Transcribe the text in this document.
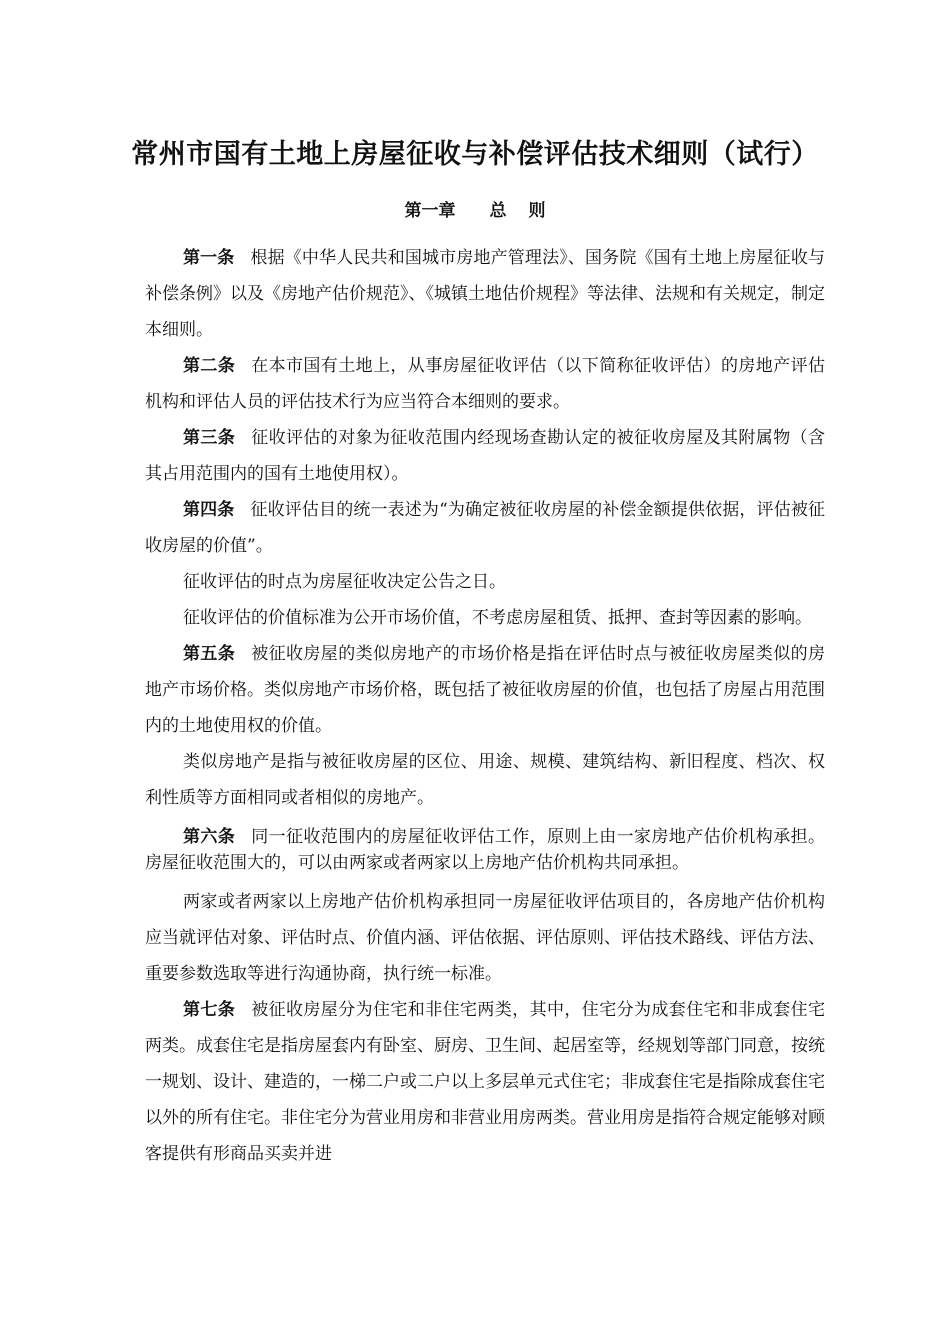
常州市国有土地上房屋征收与补偿评估技术细则（试行）
第一章 总 则

第一条 根据《中华人民共和国城市房地产管理法》、国务院《国有土地上房屋征收与补偿条例》以及《房地产估价规范》、《城镇土地估价规程》等法律、法规和有关规定，制定本细则。

第二条 在本市国有土地上，从事房屋征收评估（以下简称征收评估）的房地产评估机构和评估人员的评估技术行为应当符合本细则的要求。

第三条 征收评估的对象为征收范围内经现场查勘认定的被征收房屋及其附属物（含其占用范围内的国有土地使用权）。

第四条 征收评估目的统一表述为“为确定被征收房屋的补偿金额提供依据，评估被征收房屋的价值”。

征收评估的时点为房屋征收决定公告之日。

征收评估的价值标准为公开市场价值，不考虑房屋租赁、抵押、查封等因素的影响。

第五条 被征收房屋的类似房地产的市场价格是指在评估时点与被征收房屋类似的房地产市场价格。类似房地产市场价格，既包括了被征收房屋的价值，也包括了房屋占用范围内的土地使用权的价值。

类似房地产是指与被征收房屋的区位、用途、规模、建筑结构、新旧程度、档次、权利性质等方面相同或者相似的房地产。

第六条 同一征收范围内的房屋征收评估工作，原则上由一家房地产估价机构承担。房屋征收范围大的，可以由两家或者两家以上房地产估价机构共同承担。

两家或者两家以上房地产估价机构承担同一房屋征收评估项目的，各房地产估价机构应当就评估对象、评估时点、价值内涵、评估依据、评估原则、评估技术路线、评估方法、重要参数选取等进行沟通协商，执行统一标准。

第七条 被征收房屋分为住宅和非住宅两类，其中，住宅分为成套住宅和非成套住宅两类。成套住宅是指房屋套内有卧室、厨房、卫生间、起居室等，经规划等部门同意，按统一规划、设计、建造的，一梯二户或二户以上多层单元式住宅；非成套住宅是指除成套住宅以外的所有住宅。非住宅分为营业用房和非营业用房两类。营业用房是指符合规定能够对顾客提供有形商品买卖并进
